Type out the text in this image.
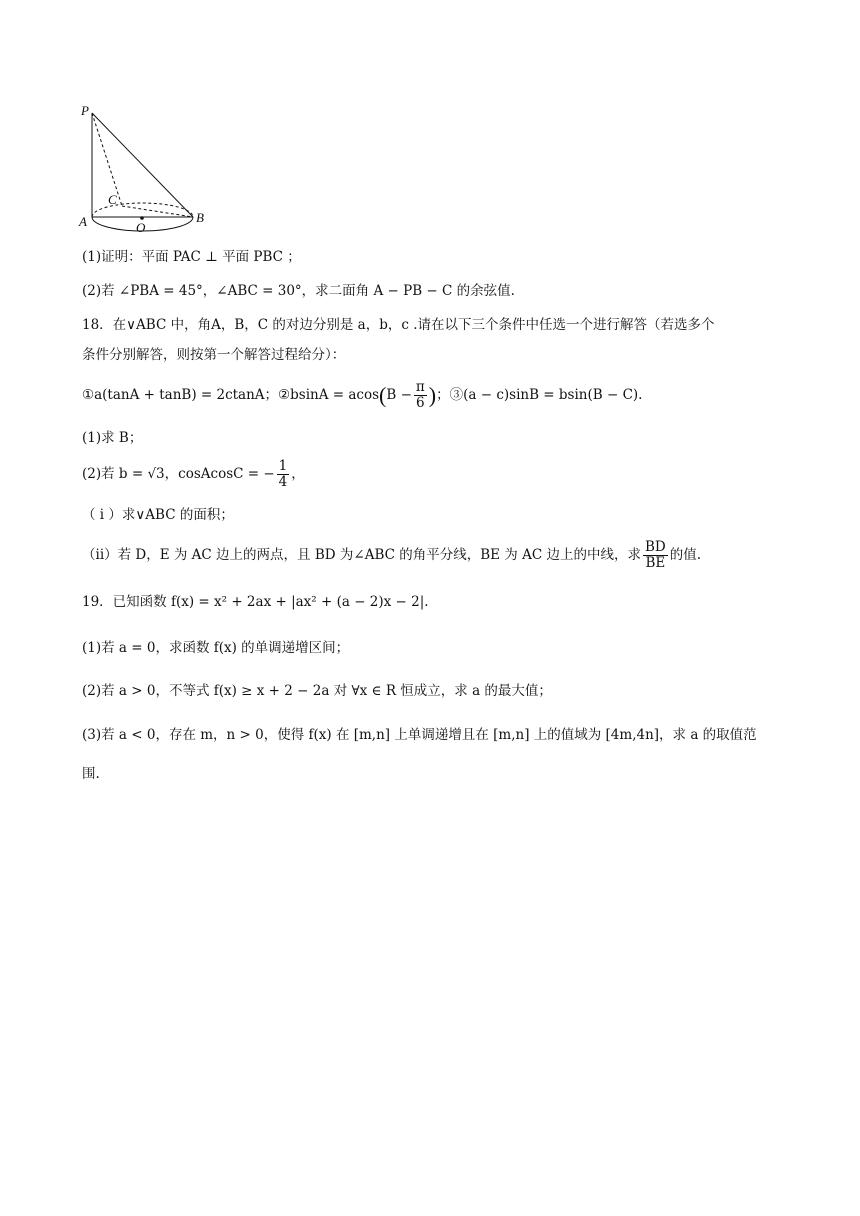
P
C
A	O
B
(1)证明：平面 PAC ⊥ 平面 PBC ；
(2)若 ∠PBA = 45°，∠ABC = 30°，求二面角 A − PB − C 的余弦值.
18．在∨ABC 中，角A，B，C 的对边分别是 a，b，c .请在以下三个条件中任选一个进行解答（若选多个
条件分别解答，则按第一个解答过程给分）：
①a(tanA + tanB) = 2ctanA；②bsinA = $acos(B - \frac{\pi}{6}$ )；③(a − c)sinB = bsin(B − C).
(1)求 B；
(2)若 b = √3，cosAcosC = − $\frac{1}{4}$ ，
（ i ）求∨ABC 的面积；
（ii）若 D，E 为 AC 边上的两点，且 BD 为∠ABC 的角平分线，BE 为 AC 边上的中线，求 $\frac{BD}{BE}$ 的值.
19．已知函数 f(x) = x² + 2ax + |ax² + (a − 2)x − 2|.
(1)若 a = 0，求函数 f(x) 的单调递增区间；
(2)若 a > 0，不等式 f(x) ≥ x + 2 − 2a 对 ∀x ∈ R 恒成立，求 a 的最大值；
(3)若 a < 0，存在 m，n > 0，使得 f(x) 在 [m,n] 上单调递增且在 [m,n] 上的值域为 [4m,4n]，求 a 的取值范
围.
